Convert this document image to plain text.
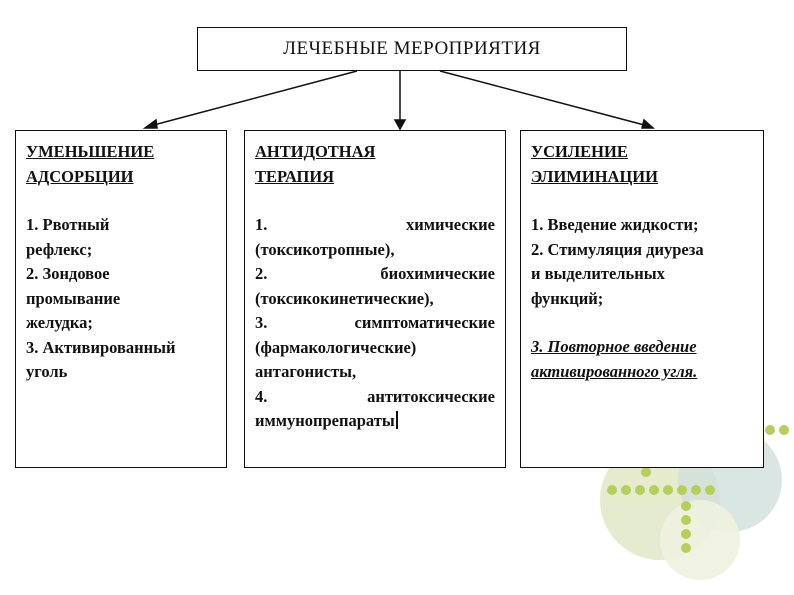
ЛЕЧЕБНЫЕ МЕРОПРИЯТИЯ
УМЕНЬШЕНИЕ
АДСОРБЦИИ
1. Рвотный
рефлекс;
2. Зондовое
промывание
желудка;
3. Активированный
уголь
АНТИДОТНАЯ
ТЕРАПИЯ
1.	химические
(токсикотропные),
2.	биохимические
(токсикокинетические),
3.	симптоматические
(фармакологические)
антагонисты,
4.	антитоксические
иммунопрепараты
УСИЛЕНИЕ
ЭЛИМИНАЦИИ
1. Введение жидкости;
2. Стимуляция диуреза
и выделительных
функций;
3. Повторное введение
активированного угля.
